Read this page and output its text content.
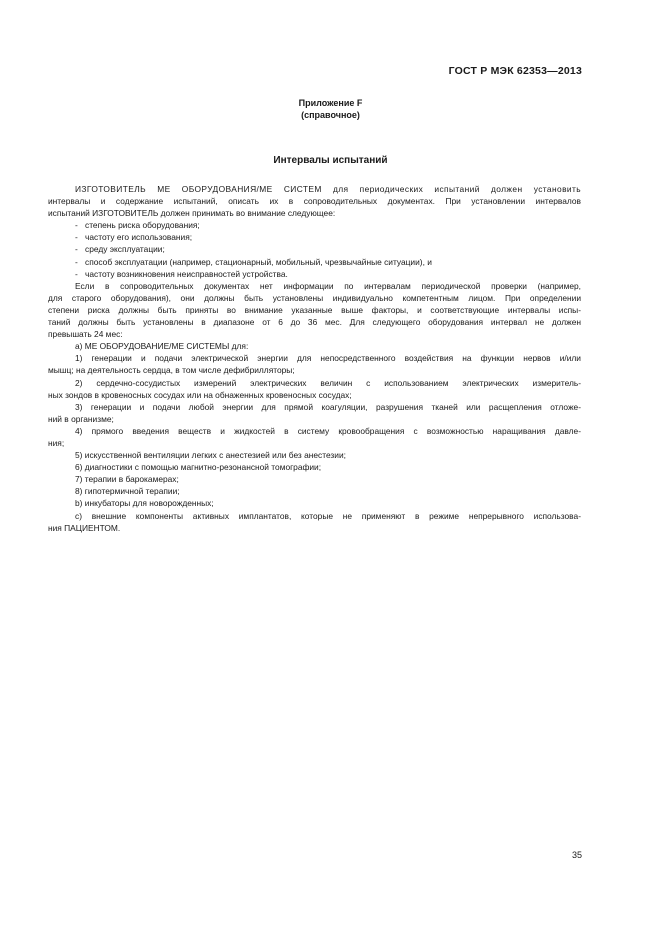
ГОСТ Р МЭК 62353—2013
Приложение F
(справочное)
Интервалы испытаний
ИЗГОТОВИТЕЛЬ МЕ ОБОРУДОВАНИЯ/МЕ СИСТЕМ для периодических испытаний должен установить
интервалы и содержание испытаний, описать их в сопроводительных документах. При установлении интервалов
испытаний ИЗГОТОВИТЕЛЬ должен принимать во внимание следующее:
- степень риска оборудования;
- частоту его использования;
- среду эксплуатации;
- способ эксплуатации (например, стационарный, мобильный, чрезвычайные ситуации), и
- частоту возникновения неисправностей устройства.
Если в сопроводительных документах нет информации по интервалам периодической проверки (например,
для старого оборудования), они должны быть установлены индивидуально компетентным лицом. При определении
степени риска должны быть приняты во внимание указанные выше факторы, и соответствующие интервалы испы-
таний должны быть установлены в диапазоне от 6 до 36 мес. Для следующего оборудования интервал не должен
превышать 24 мес:
а) МЕ ОБОРУДОВАНИЕ/МЕ СИСТЕМЫ для:
1) генерации и подачи электрической энергии для непосредственного воздействия на функции нервов и/или
мышц; на деятельность сердца, в том числе дефибрилляторы;
2) сердечно-сосудистых измерений электрических величин с использованием электрических измеритель-
ных зондов в кровеносных сосудах или на обнаженных кровеносных сосудах;
3) генерации и подачи любой энергии для прямой коагуляции, разрушения тканей или расщепления отложе-
ний в организме;
4) прямого введения веществ и жидкостей в систему кровообращения с возможностью наращивания давле-
ния;
5) искусственной вентиляции легких с анестезией или без анестезии;
6) диагностики с помощью магнитно-резонансной томографии;
7) терапии в барокамерах;
8) гипотермичной терапии;
b) инкубаторы для новорожденных;
c) внешние компоненты активных имплантатов, которые не применяют в режиме непрерывного использова-
ния ПАЦИЕНТОМ.
35
